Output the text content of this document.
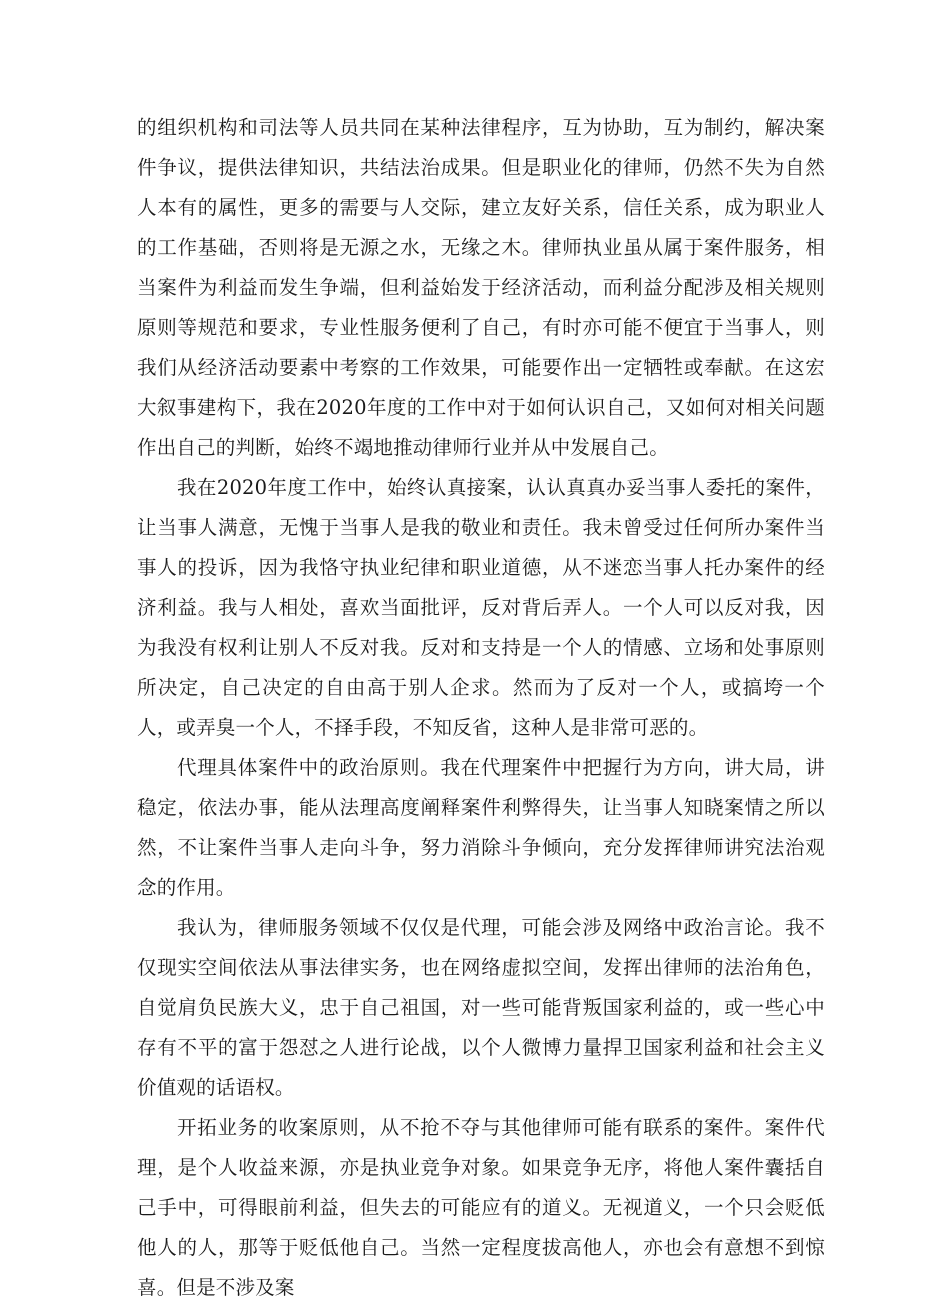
的组织机构和司法等人员共同在某种法律程序，互为协助，互为制约，解决案件争议，提供法律知识，共结法治成果。但是职业化的律师，仍然不失为自然人本有的属性，更多的需要与人交际，建立友好关系，信任关系，成为职业人的工作基础，否则将是无源之水，无缘之木。律师执业虽从属于案件服务，相当案件为利益而发生争端，但利益始发于经济活动，而利益分配涉及相关规则原则等规范和要求，专业性服务便利了自己，有时亦可能不便宜于当事人，则我们从经济活动要素中考察的工作效果，可能要作出一定牺牲或奉献。在这宏大叙事建构下，我在2020年度的工作中对于如何认识自己，又如何对相关问题作出自己的判断，始终不竭地推动律师行业并从中发展自己。

我在2020年度工作中，始终认真接案，认认真真办妥当事人委托的案件，让当事人满意，无愧于当事人是我的敬业和责任。我未曾受过任何所办案件当事人的投诉，因为我恪守执业纪律和职业道德，从不迷恋当事人托办案件的经济利益。我与人相处，喜欢当面批评，反对背后弄人。一个人可以反对我，因为我没有权利让别人不反对我。反对和支持是一个人的情感、立场和处事原则所决定，自己决定的自由高于别人企求。然而为了反对一个人，或搞垮一个人，或弄臭一个人，不择手段，不知反省，这种人是非常可恶的。

代理具体案件中的政治原则。我在代理案件中把握行为方向，讲大局，讲稳定，依法办事，能从法理高度阐释案件利弊得失，让当事人知晓案情之所以然，不让案件当事人走向斗争，努力消除斗争倾向，充分发挥律师讲究法治观念的作用。

我认为，律师服务领域不仅仅是代理，可能会涉及网络中政治言论。我不仅现实空间依法从事法律实务，也在网络虚拟空间，发挥出律师的法治角色，自觉肩负民族大义，忠于自己祖国，对一些可能背叛国家利益的，或一些心中存有不平的富于怨怼之人进行论战，以个人微博力量捍卫国家利益和社会主义价值观的话语权。

开拓业务的收案原则，从不抢不夺与其他律师可能有联系的案件。案件代理，是个人收益来源，亦是执业竞争对象。如果竞争无序，将他人案件囊括自己手中，可得眼前利益，但失去的可能应有的道义。无视道义，一个只会贬低他人的人，那等于贬低他自己。当然一定程度拔高他人，亦也会有意想不到惊喜。但是不涉及案
